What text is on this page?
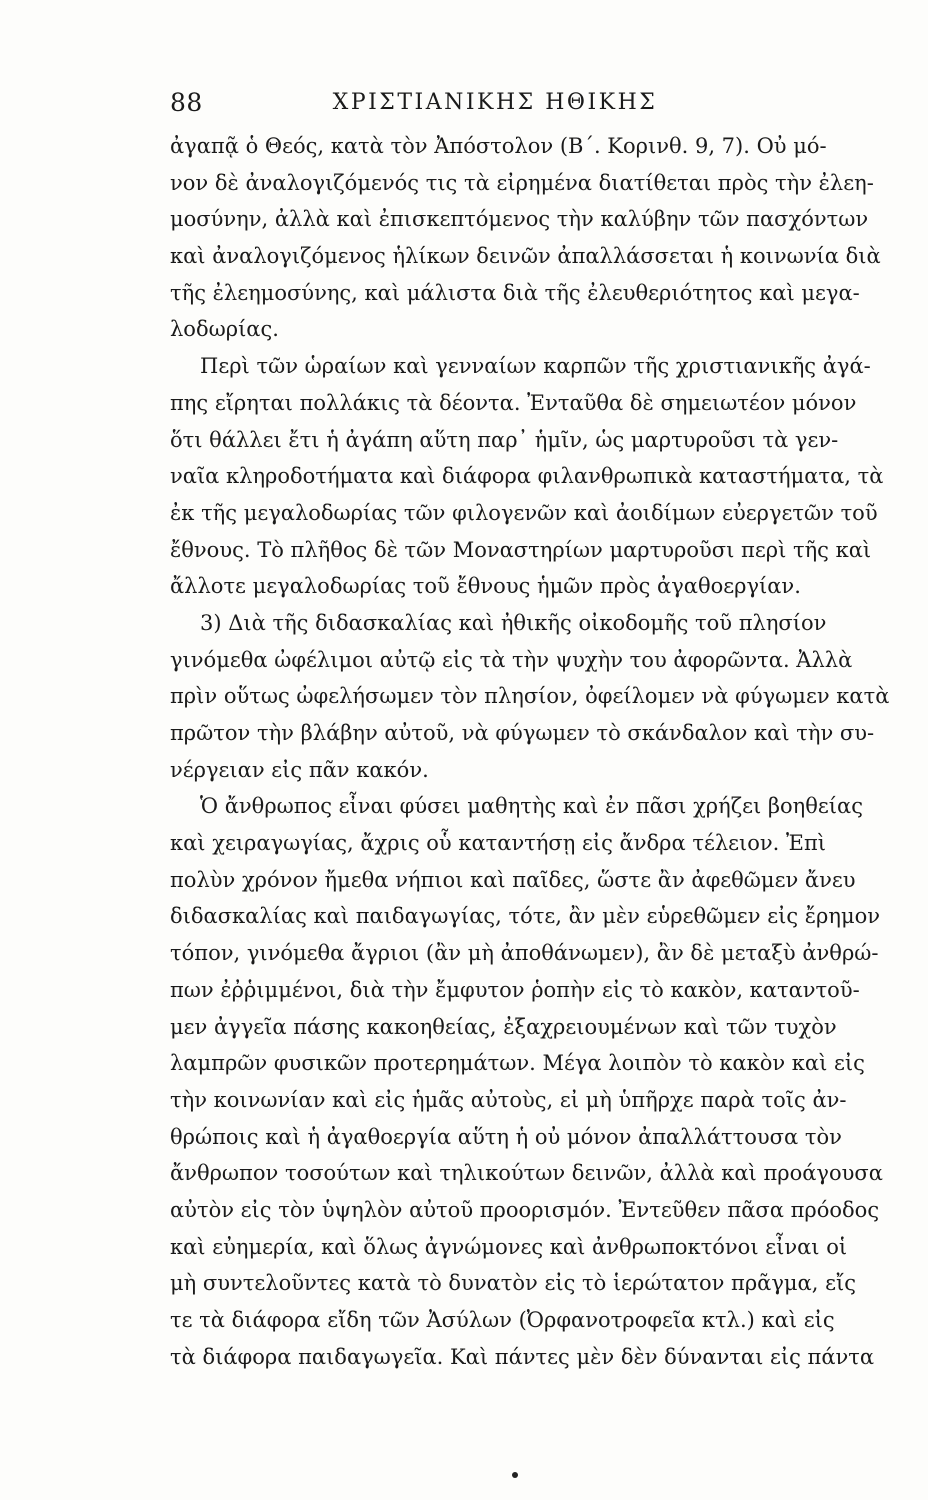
88	ΧΡΙΣΤΙΑΝΙΚΗΣ ΗΘΙΚΗΣ
ἀγαπᾷ ὁ Θεός, κατὰ τὸν Ἀπόστολον (Β΄. Κορινθ. 9, 7). Οὐ μό-
νον δὲ ἀναλογιζόμενός τις τὰ εἰρημένα διατίθεται πρὸς τὴν ἐλεη-
μοσύνην, ἀλλὰ καὶ ἐπισκεπτόμενος τὴν καλύβην τῶν πασχόντων
καὶ ἀναλογιζόμενος ἡλίκων δεινῶν ἀπαλλάσσεται ἡ κοινωνία διὰ
τῆς ἐλεημοσύνης, καὶ μάλιστα διὰ τῆς ἐλευθεριότητος καὶ μεγα-
λοδωρίας.
Περὶ τῶν ὡραίων καὶ γενναίων καρπῶν τῆς χριστιανικῆς ἀγά-
πης εἴρηται πολλάκις τὰ δέοντα. Ἐνταῦθα δὲ σημειωτέον μόνον
ὅτι θάλλει ἔτι ἡ ἀγάπη αὕτη παρ᾽ ἡμῖν, ὡς μαρτυροῦσι τὰ γεν-
ναῖα κληροδοτήματα καὶ διάφορα φιλανθρωπικὰ καταστήματα, τὰ
ἐκ τῆς μεγαλοδωρίας τῶν φιλογενῶν καὶ ἀοιδίμων εὐεργετῶν τοῦ
ἔθνους. Τὸ πλῆθος δὲ τῶν Μοναστηρίων μαρτυροῦσι περὶ τῆς καὶ
ἄλλοτε μεγαλοδωρίας τοῦ ἔθνους ἡμῶν πρὸς ἀγαθοεργίαν.
3) Διὰ τῆς διδασκαλίας καὶ ἠθικῆς οἰκοδομῆς τοῦ πλησίον
γινόμεθα ὠφέλιμοι αὐτῷ εἰς τὰ τὴν ψυχὴν του ἀφορῶντα. Ἀλλὰ
πρὶν οὕτως ὠφελήσωμεν τὸν πλησίον, ὀφείλομεν νὰ φύγωμεν κατὰ
πρῶτον τὴν βλάβην αὐτοῦ, νὰ φύγωμεν τὸ σκάνδαλον καὶ τὴν συ-
νέργειαν εἰς πᾶν κακόν.
Ὁ ἄνθρωπος εἶναι φύσει μαθητὴς καὶ ἐν πᾶσι χρήζει βοηθείας
καὶ χειραγωγίας, ἄχρις οὗ καταντήσῃ εἰς ἄνδρα τέλειον. Ἐπὶ
πολὺν χρόνον ἤμεθα νήπιοι καὶ παῖδες, ὥστε ἂν ἀφεθῶμεν ἄνευ
διδασκαλίας καὶ παιδαγωγίας, τότε, ἂν μὲν εὑρεθῶμεν εἰς ἔρημον
τόπον, γινόμεθα ἄγριοι (ἂν μὴ ἀποθάνωμεν), ἂν δὲ μεταξὺ ἀνθρώ-
πων ἐῤῥιμμένοι, διὰ τὴν ἔμφυτον ῥοπὴν εἰς τὸ κακὸν, καταντοῦ-
μεν ἀγγεῖα πάσης κακοηθείας, ἐξαχρειουμένων καὶ τῶν τυχὸν
λαμπρῶν φυσικῶν προτερημάτων. Μέγα λοιπὸν τὸ κακὸν καὶ εἰς
τὴν κοινωνίαν καὶ εἰς ἡμᾶς αὐτοὺς, εἰ μὴ ὑπῆρχε παρὰ τοῖς ἀν-
θρώποις καὶ ἡ ἀγαθοεργία αὕτη ἡ οὐ μόνον ἀπαλλάττουσα τὸν
ἄνθρωπον τοσούτων καὶ τηλικούτων δεινῶν, ἀλλὰ καὶ προάγουσα
αὐτὸν εἰς τὸν ὑψηλὸν αὐτοῦ προορισμόν. Ἐντεῦθεν πᾶσα πρόοδος
καὶ εὐημερία, καὶ ὅλως ἀγνώμονες καὶ ἀνθρωποκτόνοι εἶναι οἱ
μὴ συντελοῦντες κατὰ τὸ δυνατὸν εἰς τὸ ἱερώτατον πρᾶγμα, εἴς
τε τὰ διάφορα εἴδη τῶν Ἀσύλων (Ὀρφανοτροφεῖα κτλ.) καὶ εἰς
τὰ διάφορα παιδαγωγεῖα. Καὶ πάντες μὲν δὲν δύνανται εἰς πάντα
